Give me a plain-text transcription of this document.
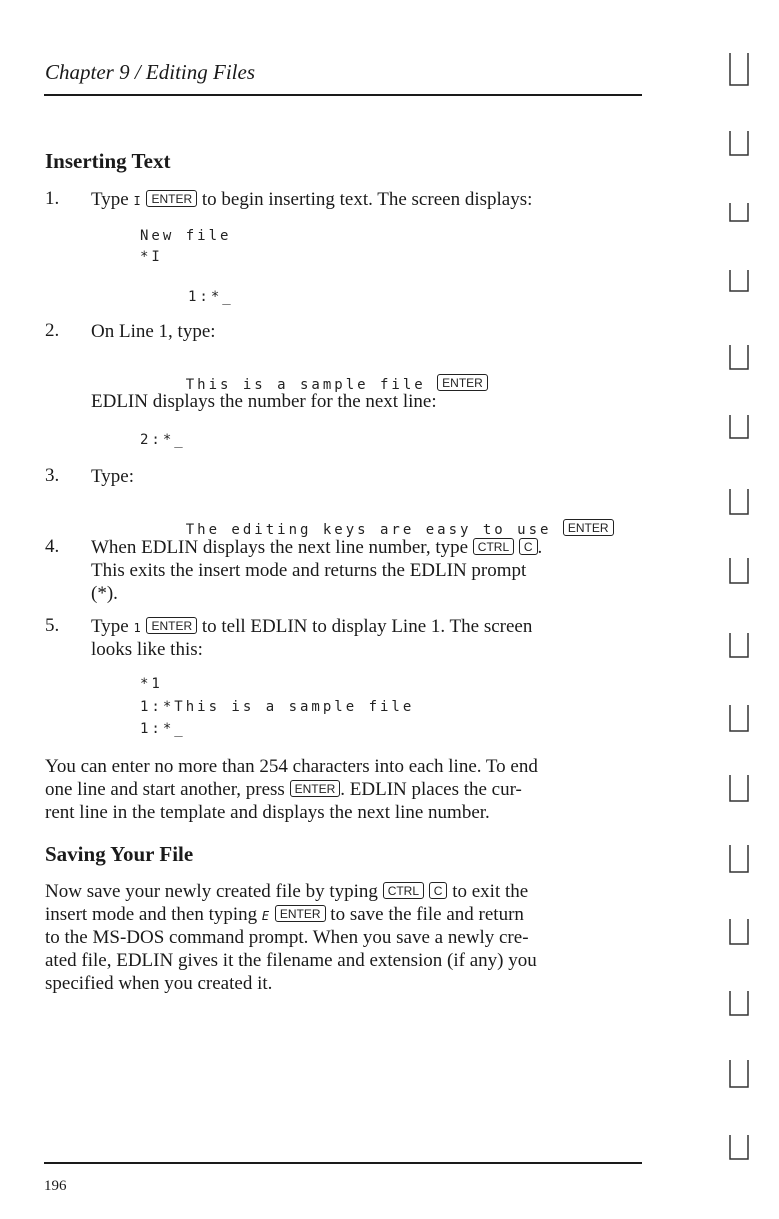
Chapter 9 / Editing Files
Inserting Text
1. Type I ENTER to begin inserting text. The screen displays:
New file
*I
1:*_
2. On Line 1, type:

This is a sample file ENTER

EDLIN displays the number for the next line:
2:*_
3. Type:

The editing keys are easy to use ENTER

4. When EDLIN displays the next line number, type CTRL C .
This exits the insert mode and returns the EDLIN prompt
(*).
5. Type 1 ENTER to tell EDLIN to display Line 1. The screen
looks like this:
*1
1:*This is a sample file
1:*_
You can enter no more than 254 characters into each line. To end
one line and start another, press ENTER . EDLIN places the cur-
rent line in the template and displays the next line number.
Saving Your File
Now save your newly created file by typing CTRL C to exit the
insert mode and then typing E ENTER to save the file and return
to the MS-DOS command prompt. When you save a newly cre-
ated file, EDLIN gives it the filename and extension (if any) you
specified when you created it.
196
